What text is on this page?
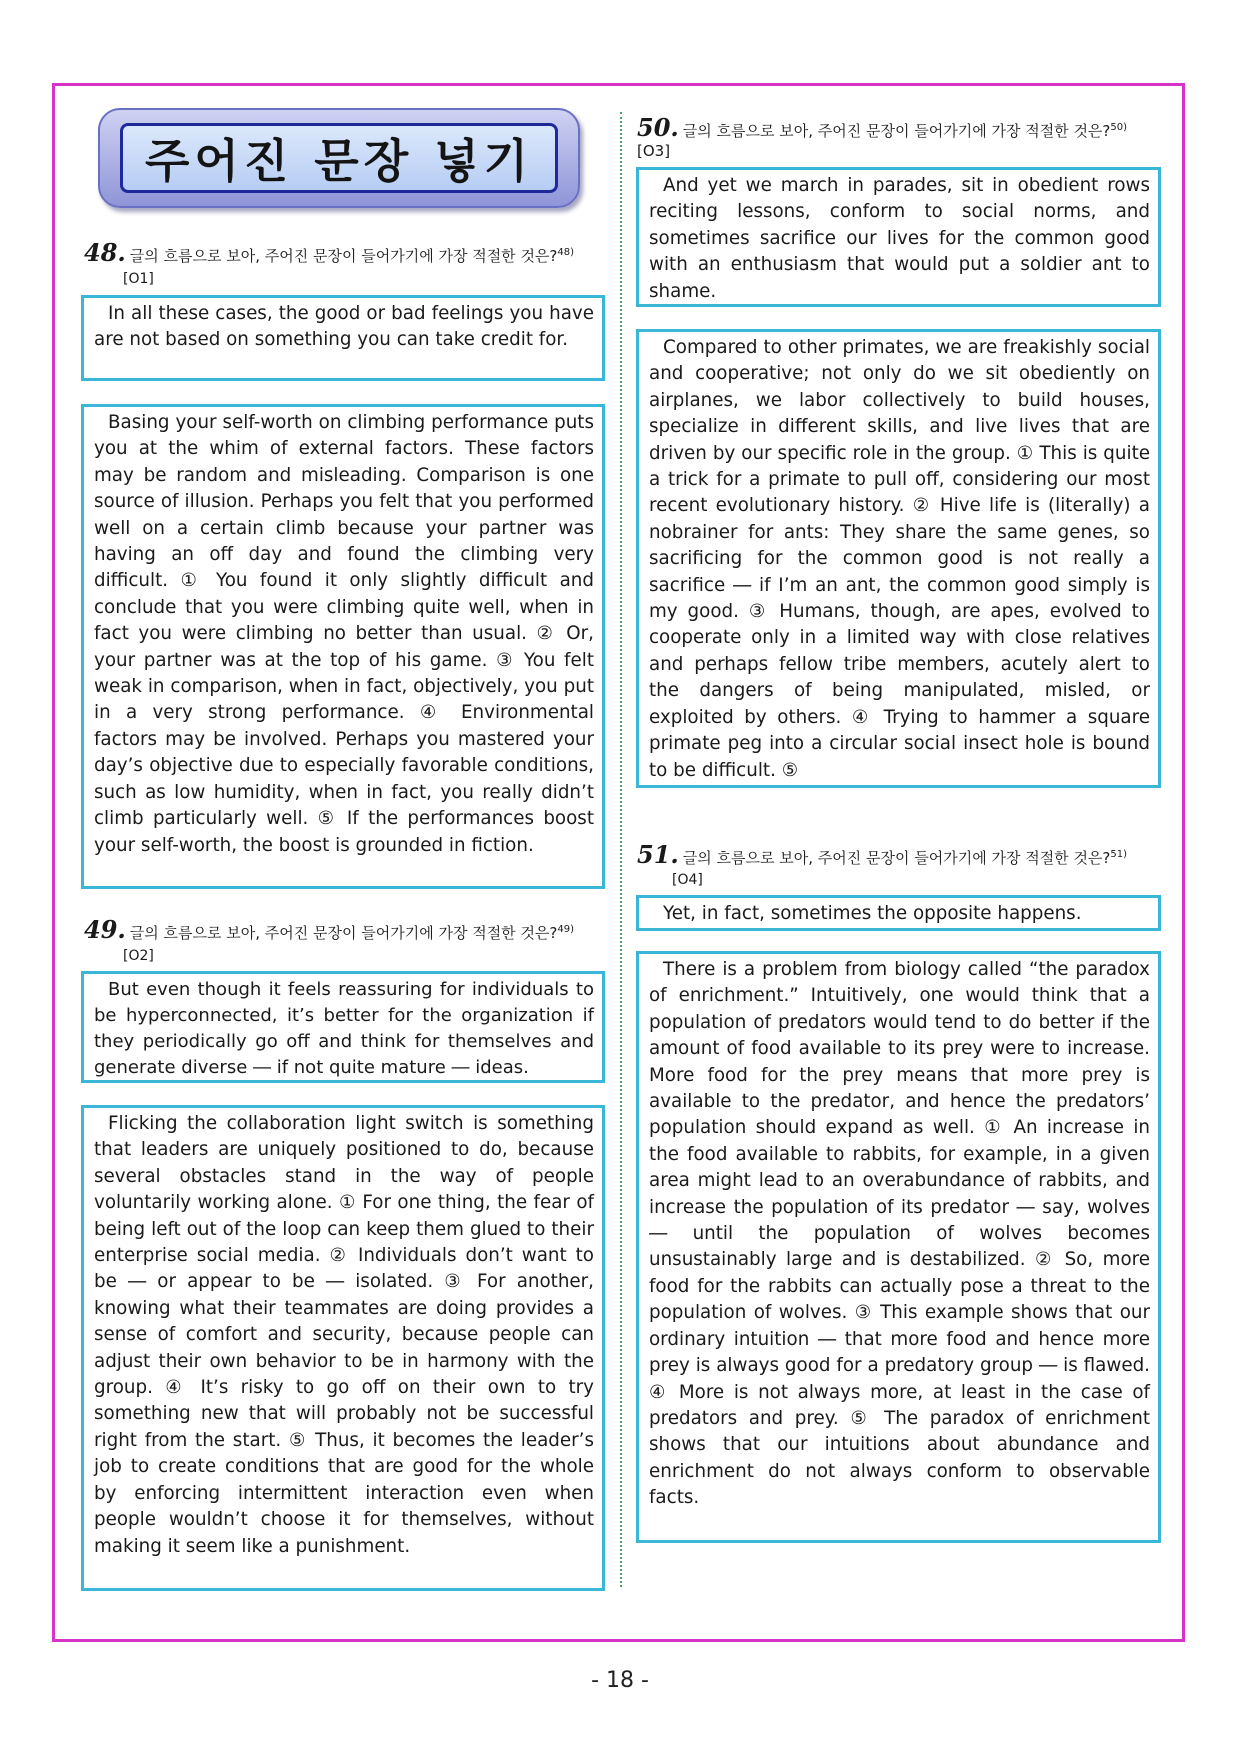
주어진 문장 넣기
48. 글의 흐름으로 보아, 주어진 문장이 들어가기에 가장 적절한 것은?$^{48)}$
[O1]

In all these cases, the good or bad feelings you have are not based on something you can take credit for.

Basing your self-worth on climbing performance puts you at the whim of external factors. These factors may be random and misleading. Comparison is one source of illusion. Perhaps you felt that you performed well on a certain climb because your partner was having an off day and found the climbing very difficult. ① You found it only slightly difficult and conclude that you were climbing quite well, when in fact you were climbing no better than usual. ② Or, your partner was at the top of his game. ③ You felt weak in comparison, when in fact, objectively, you put in a very strong performance. ④ Environmental factors may be involved. Perhaps you mastered your day’s objective due to especially favorable conditions, such as low humidity, when in fact, you really didn’t climb particularly well. ⑤ If the performances boost your self-worth, the boost is grounded in fiction.

49. 글의 흐름으로 보아, 주어진 문장이 들어가기에 가장 적절한 것은?$^{49)}$
[O2]

But even though it feels reassuring for individuals to be hyperconnected, it’s better for the organization if they periodically go off and think for themselves and generate diverse ― if not quite mature ― ideas.

Flicking the collaboration light switch is something that leaders are uniquely positioned to do, because several obstacles stand in the way of people voluntarily working alone. ① For one thing, the fear of being left out of the loop can keep them glued to their enterprise social media. ② Individuals don’t want to be ― or appear to be ― isolated. ③ For another, knowing what their teammates are doing provides a sense of comfort and security, because people can adjust their own behavior to be in harmony with the group. ④ It’s risky to go off on their own to try something new that will probably not be successful right from the start. ⑤ Thus, it becomes the leader’s job to create conditions that are good for the whole by enforcing intermittent interaction even when people wouldn’t choose it for themselves, without making it seem like a punishment.

50. 글의 흐름으로 보아, 주어진 문장이 들어가기에 가장 적절한 것은?$^{50)}$[O3]

And yet we march in parades, sit in obedient rows reciting lessons, conform to social norms, and sometimes sacrifice our lives for the common good with an enthusiasm that would put a soldier ant to shame.

Compared to other primates, we are freakishly social and cooperative; not only do we sit obediently on airplanes, we labor collectively to build houses, specialize in different skills, and live lives that are driven by our specific role in the group. ① This is quite a trick for a primate to pull off, considering our most recent evolutionary history. ② Hive life is (literally) a nobrainer for ants: They share the same genes, so sacrificing for the common good is not really a sacrifice ― if I’m an ant, the common good simply is my good. ③ Humans, though, are apes, evolved to cooperate only in a limited way with close relatives and perhaps fellow tribe members, acutely alert to the dangers of being manipulated, misled, or exploited by others. ④ Trying to hammer a square primate peg into a circular social insect hole is bound to be difficult. ⑤

51. 글의 흐름으로 보아, 주어진 문장이 들어가기에 가장 적절한 것은?$^{51)}$
[O4]

Yet, in fact, sometimes the opposite happens.

There is a problem from biology called “the paradox of enrichment.” Intuitively, one would think that a population of predators would tend to do better if the amount of food available to its prey were to increase. More food for the prey means that more prey is available to the predator, and hence the predators’ population should expand as well. ① An increase in the food available to rabbits, for example, in a given area might lead to an overabundance of rabbits, and increase the population of its predator ― say, wolves ― until the population of wolves becomes unsustainably large and is destabilized. ② So, more food for the rabbits can actually pose a threat to the population of wolves. ③ This example shows that our ordinary intuition ― that more food and hence more prey is always good for a predatory group ― is flawed. ④ More is not always more, at least in the case of predators and prey. ⑤ The paradox of enrichment shows that our intuitions about abundance and enrichment do not always conform to observable facts.

- 18 -
